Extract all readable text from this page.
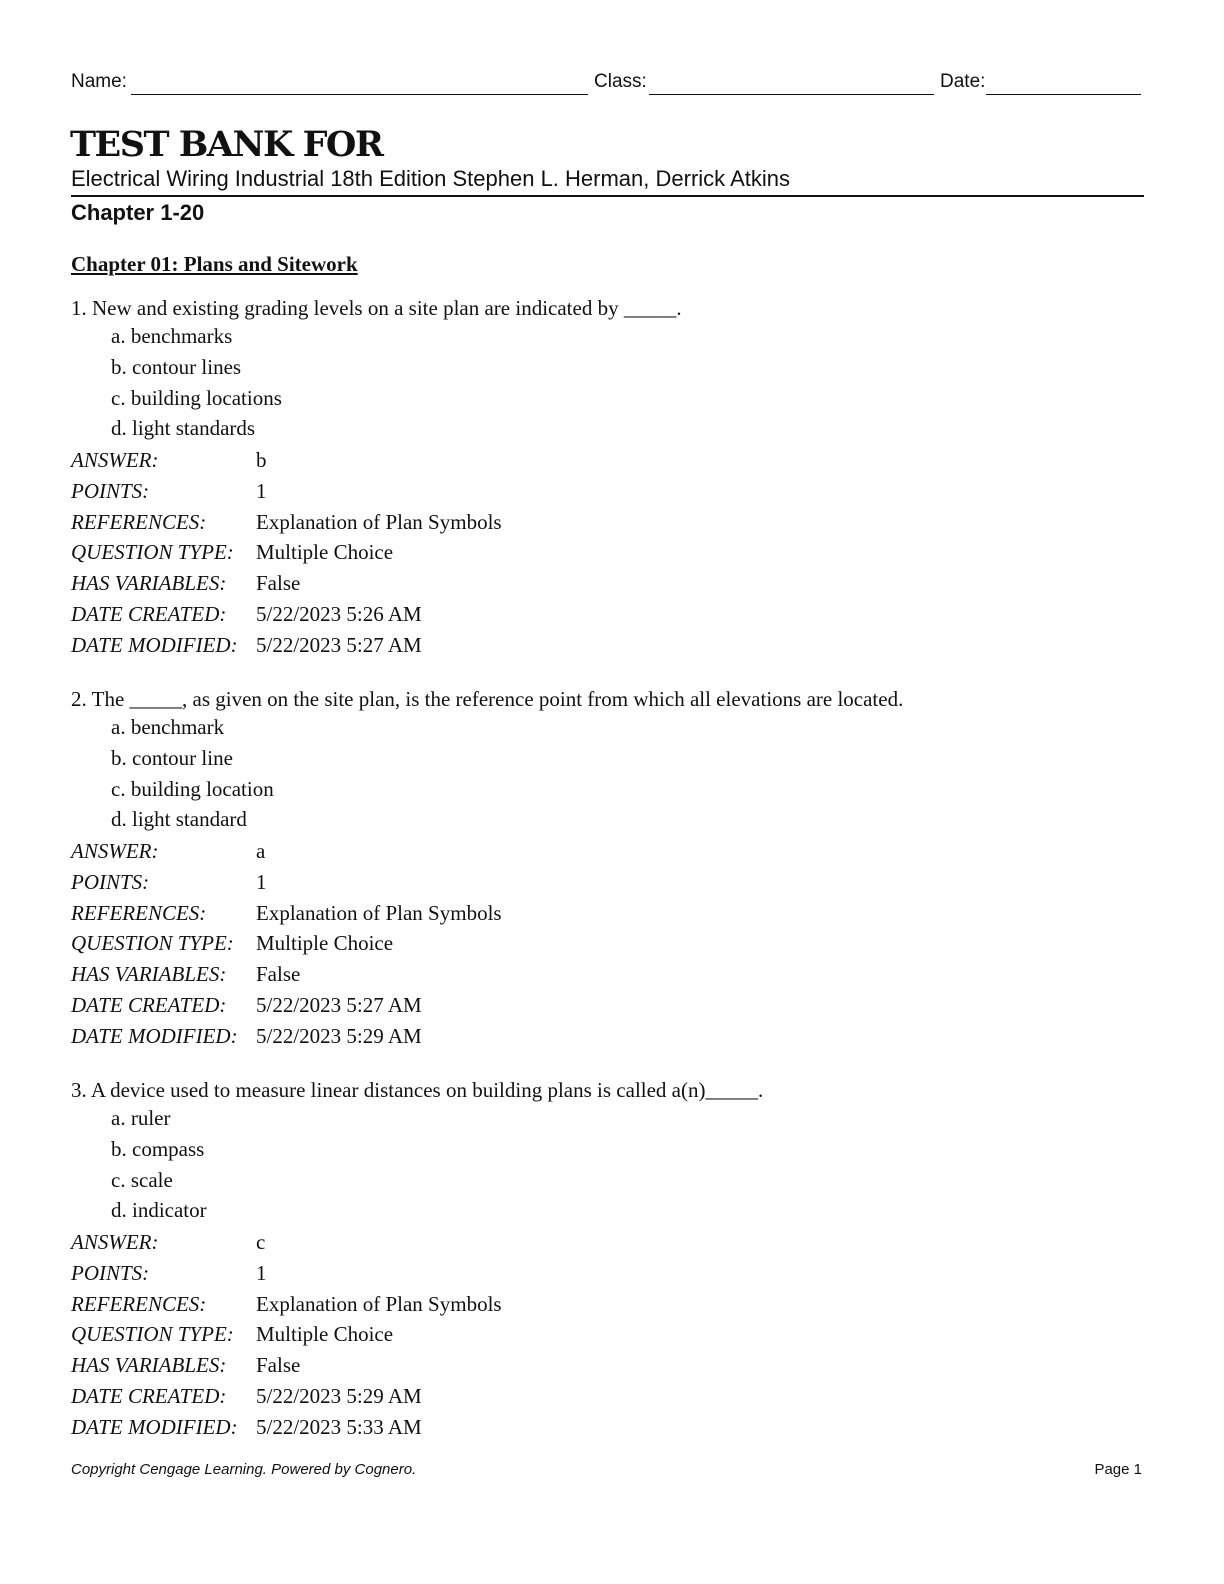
Name:	Class:	Date:
TEST BANK FOR
Electrical Wiring Industrial 18th Edition Stephen L. Herman, Derrick Atkins
Chapter 1-20
Chapter 01: Plans and Sitework
1. New and existing grading levels on a site plan are indicated by _____.
a. benchmarks
b. contour lines
c. building locations
d. light standards
ANSWER:	b
POINTS:	1
REFERENCES: Explanation of Plan Symbols
QUESTION TYPE: Multiple Choice
HAS VARIABLES: False
DATE CREATED: 5/22/2023 5:26 AM
DATE MODIFIED: 5/22/2023 5:27 AM
2. The _____, as given on the site plan, is the reference point from which all elevations are located.
a. benchmark
b. contour line
c. building location
d. light standard
ANSWER:	a
POINTS:	1
REFERENCES: Explanation of Plan Symbols
QUESTION TYPE: Multiple Choice
HAS VARIABLES: False
DATE CREATED: 5/22/2023 5:27 AM
DATE MODIFIED: 5/22/2023 5:29 AM
3. A device used to measure linear distances on building plans is called a(n)_____.
a. ruler
b. compass
c. scale
d. indicator
ANSWER:	c
POINTS:	1
REFERENCES: Explanation of Plan Symbols
QUESTION TYPE: Multiple Choice
HAS VARIABLES: False
DATE CREATED: 5/22/2023 5:29 AM
DATE MODIFIED: 5/22/2023 5:33 AM
Copyright Cengage Learning. Powered by Cognero.	Page 1
